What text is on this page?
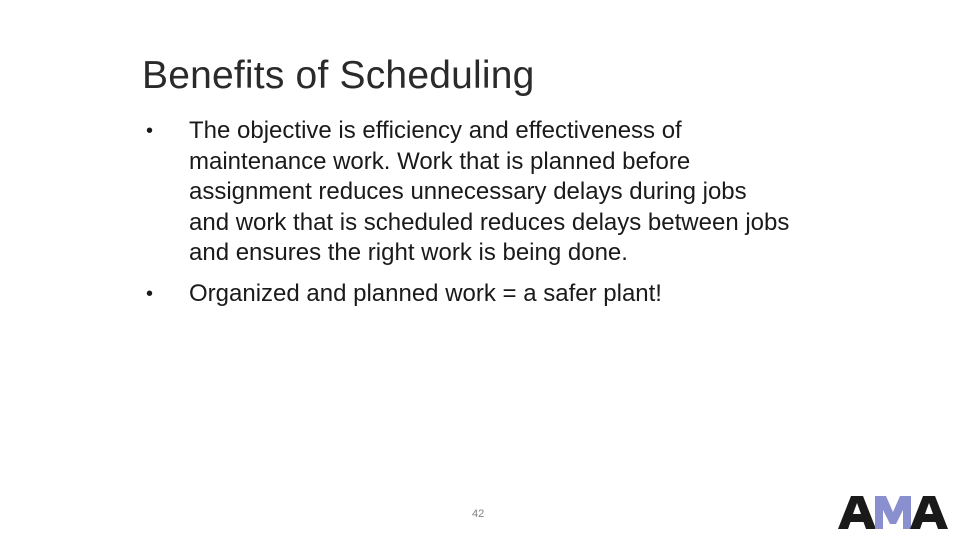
Benefits of Scheduling
• The objective is efficiency and effectiveness of maintenance work. Work that is planned before assignment reduces unnecessary delays during jobs and work that is scheduled reduces delays between jobs and ensures the right work is being done.
• Organized and planned work = a safer plant!
42
